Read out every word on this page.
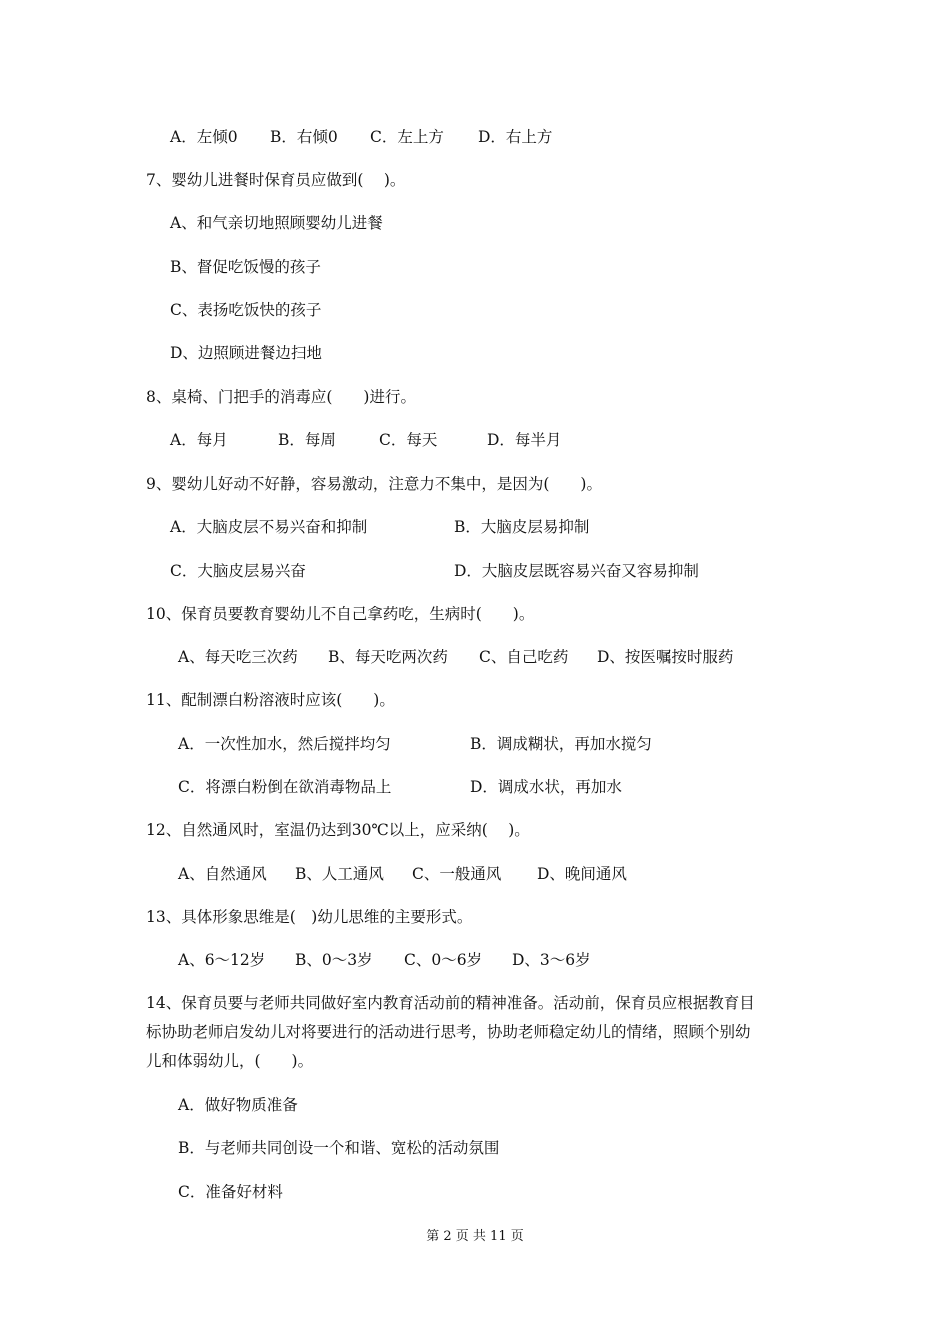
A．左倾0 B．右倾0 C．左上方 D．右上方
7、婴幼儿进餐时保育员应做到(　 )。
A、和气亲切地照顾婴幼儿进餐
B、督促吃饭慢的孩子
C、表扬吃饭快的孩子
D、边照顾进餐边扫地
8、桌椅、门把手的消毒应(　　)进行。
A．每月	B．每周	C．每天	D．每半月
9、婴幼儿好动不好静，容易激动，注意力不集中，是因为(　　)。
A．大脑皮层不易兴奋和抑制	B．大脑皮层易抑制
C．大脑皮层易兴奋	D．大脑皮层既容易兴奋又容易抑制
10、保育员要教育婴幼儿不自己拿药吃，生病时(　　)。
A、每天吃三次药 B、每天吃两次药 C、自己吃药 D、按医嘱按时服药
11、配制漂白粉溶液时应该(　　)。
A．一次性加水，然后搅拌均匀	B．调成糊状，再加水搅匀
C．将漂白粉倒在欲消毒物品上	D．调成水状，再加水
12、自然通风时，室温仍达到30℃以上，应采纳(　 )。
A、自然通风 B、人工通风 C、一般通风 D、晚间通风
13、具体形象思维是(　)幼儿思维的主要形式。
A、6～12岁 B、0～3岁 C、0～6岁 D、3～6岁
14、保育员要与老师共同做好室内教育活动前的精神准备。活动前，保育员应根据教育目
标协助老师启发幼儿对将要进行的活动进行思考，协助老师稳定幼儿的情绪，照顾个别幼
儿和体弱幼儿，(　　)。
A．做好物质准备
B．与老师共同创设一个和谐、宽松的活动氛围
C．准备好材料
第 2 页 共 11 页
